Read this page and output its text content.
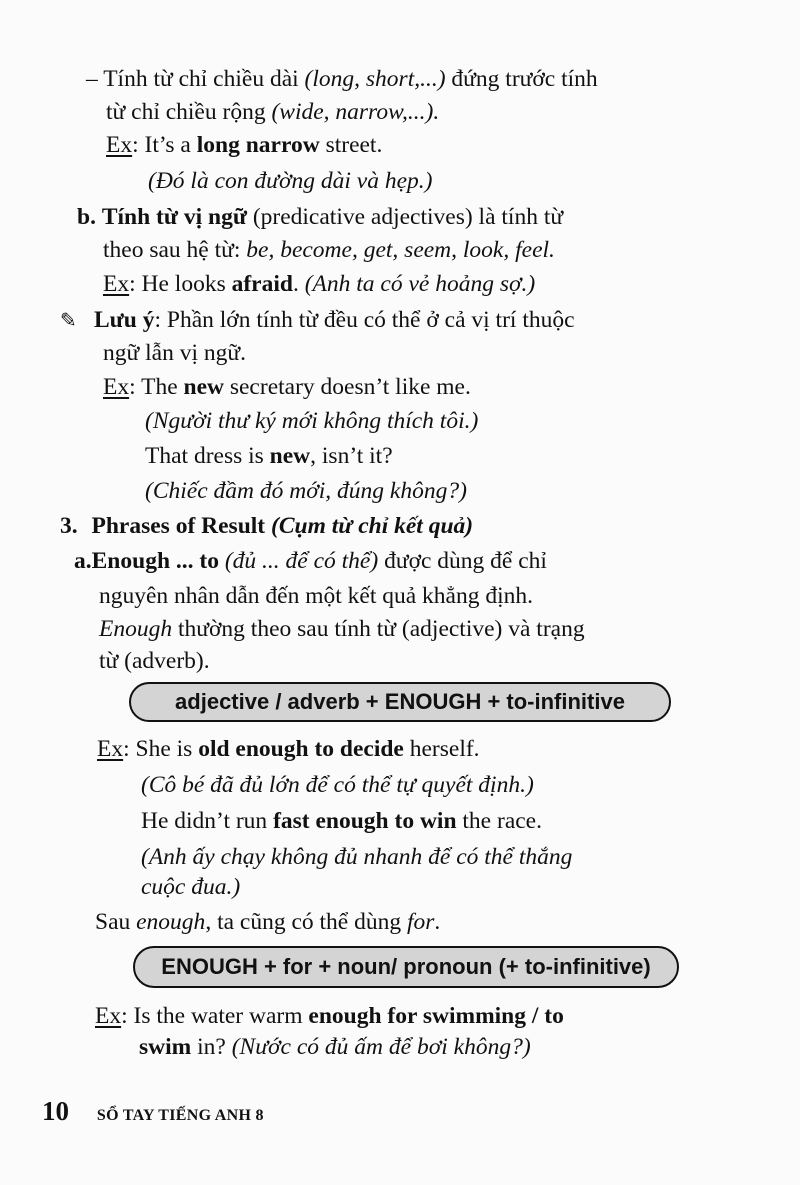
– Tính từ chỉ chiều dài (long, short,...) đứng trước tính
từ chỉ chiều rộng (wide, narrow,...).
Ex: It’s a long narrow street.
(Đó là con đường dài và hẹp.)
b. Tính từ vị ngữ (predicative adjectives) là tính từ
theo sau hệ từ: be, become, get, seem, look, feel.
Ex: He looks afraid. (Anh ta có vẻ hoảng sợ.)
✎ Lưu ý: Phần lớn tính từ đều có thể ở cả vị trí thuộc
ngữ lẫn vị ngữ.
Ex: The new secretary doesn’t like me.
(Người thư ký mới không thích tôi.)
That dress is new, isn’t it?
(Chiếc đầm đó mới, đúng không?)
3. Phrases of Result (Cụm từ chỉ kết quả)
a.Enough ... to (đủ ... để có thể) được dùng để chỉ
nguyên nhân dẫn đến một kết quả khẳng định.
Enough thường theo sau tính từ (adjective) và trạng
từ (adverb).
adjective / adverb + ENOUGH + to-infinitive
Ex: She is old enough to decide herself.
(Cô bé đã đủ lớn để có thể tự quyết định.)
He didn’t run fast enough to win the race.
(Anh ấy chạy không đủ nhanh để có thể thắng
cuộc đua.)
Sau enough, ta cũng có thể dùng for.
ENOUGH + for + noun/ pronoun (+ to-infinitive)
Ex: Is the water warm enough for swimming / to
swim in? (Nước có đủ ấm để bơi không?)
10 SỔ TAY TIẾNG ANH 8
